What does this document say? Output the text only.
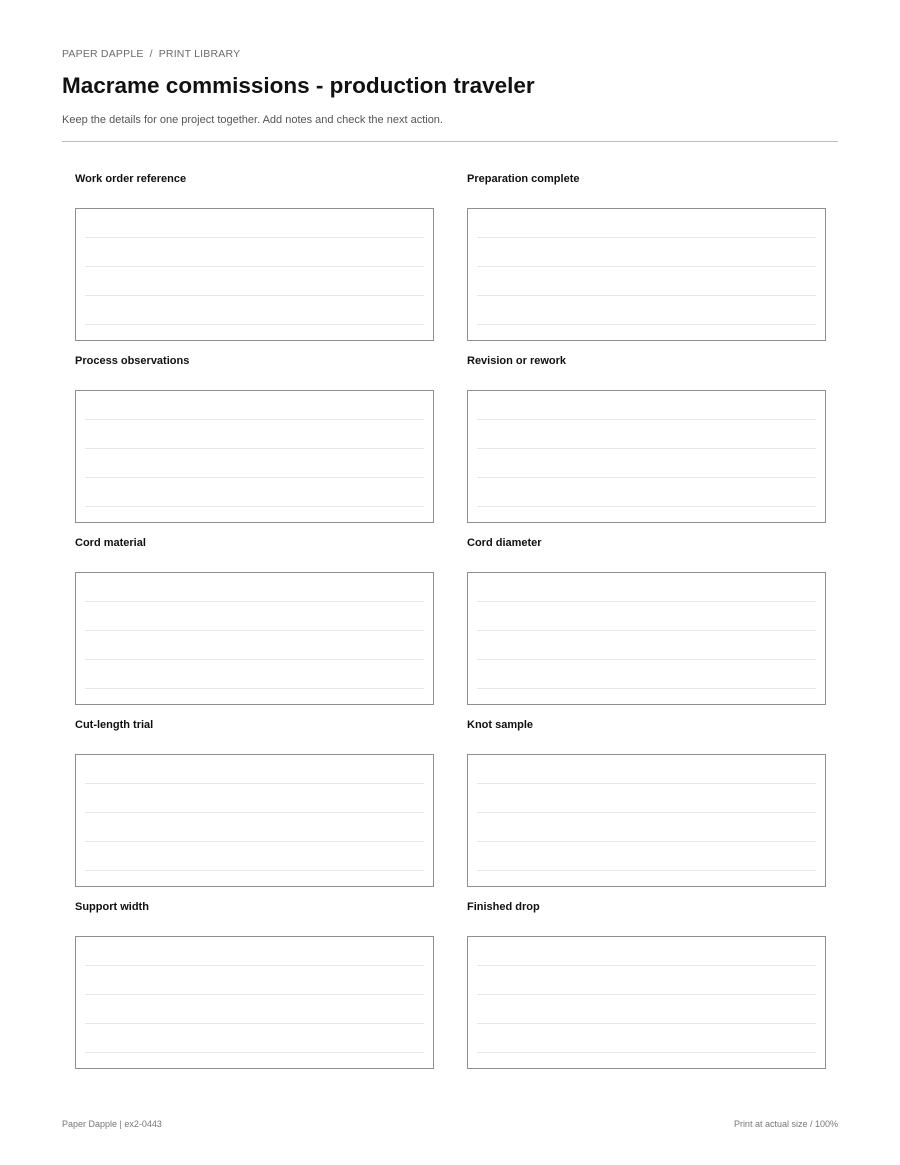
PAPER DAPPLE / PRINT LIBRARY
Macrame commissions - production traveler
Keep the details for one project together. Add notes and check the next action.
Work order reference	Preparation complete
Process observations	Revision or rework
Cord material	Cord diameter
Cut-length trial	Knot sample
Support width	Finished drop
Paper Dapple | ex2-0443	Print at actual size / 100%
